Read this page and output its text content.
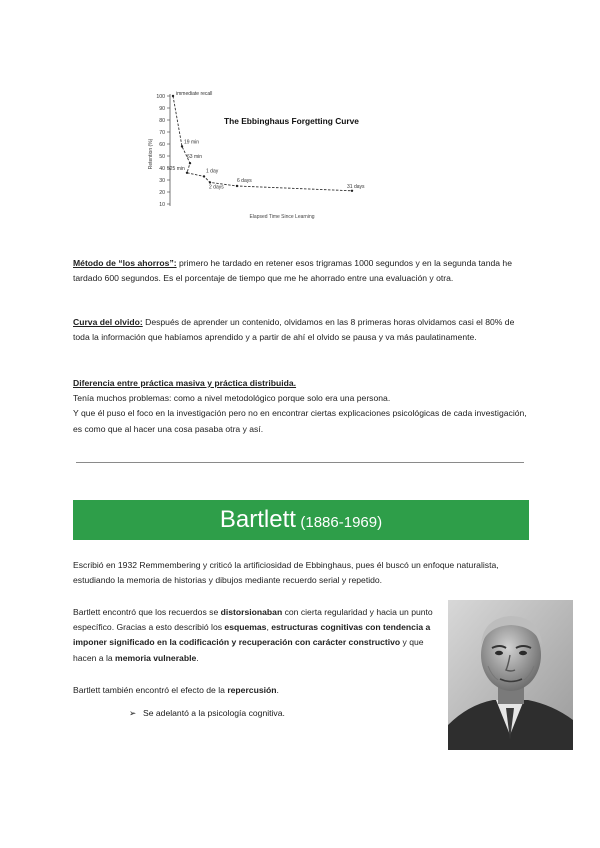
100
90
80
70
60
50
40
30
20
10
immediate recall
19 min
63 min
525 min	1 day
2 days
6 days
31 days
The Ebbinghaus Forgetting Curve
Retention (%)
Elapsed Time Since Learning
Método de “los ahorros”: primero he tardado en retener esos trigramas 1000 segundos y en la segunda tanda he tardado 600 segundos. Es el porcentaje de tiempo que me he ahorrado entre una evaluación y otra.
Curva del olvido: Después de aprender un contenido, olvidamos en las 8 primeras horas olvidamos casi el 80% de toda la información que habíamos aprendido y a partir de ahí el olvido se pausa y va más paulatinamente.
Diferencia entre práctica masiva y práctica distribuida.
Tenía muchos problemas: como a nivel metodológico porque solo era una persona.
Y que él puso el foco en la investigación pero no en encontrar ciertas explicaciones psicológicas de cada investigación, es como que al hacer una cosa pasaba otra y así.
Bartlett (1886-1969)
Escribió en 1932 Remmembering y criticó la artificiosidad de Ebbinghaus, pues él buscó un enfoque naturalista, estudiando la memoria de historias y dibujos mediante recuerdo serial y repetido.
Bartlett encontró que los recuerdos se distorsionaban con cierta regularidad y hacia un punto específico. Gracias a esto describió los esquemas, estructuras cognitivas con tendencia a imponer significado en la codificación y recuperación con carácter constructivo y que hacen a la memoria vulnerable.
Bartlett también encontró el efecto de la repercusión.
➢ Se adelantó a la psicología cognitiva.
